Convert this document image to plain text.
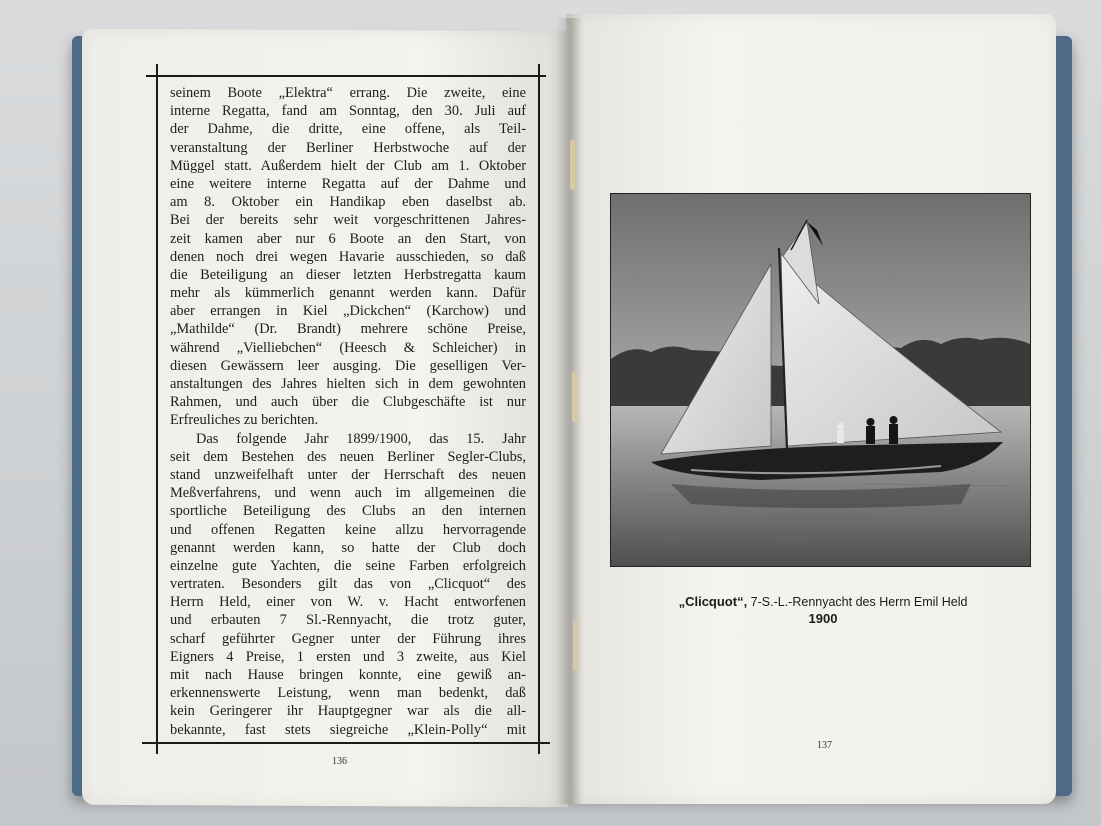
seinem Boote „Elektra“ errang. Die zweite, eine
interne Regatta, fand am Sonntag, den 30. Juli auf
der Dahme, die dritte, eine offene, als Teil-
veranstaltung der Berliner Herbstwoche auf der
Müggel statt. Außerdem hielt der Club am 1. Oktober
eine weitere interne Regatta auf der Dahme und
am 8. Oktober ein Handikap eben daselbst ab.
Bei der bereits sehr weit vorgeschrittenen Jahres-
zeit kamen aber nur 6 Boote an den Start, von
denen noch drei wegen Havarie ausschieden, so daß
die Beteiligung an dieser letzten Herbstregatta kaum
mehr als kümmerlich genannt werden kann. Dafür
aber errangen in Kiel „Dickchen“ (Karchow) und
„Mathilde“ (Dr. Brandt) mehrere schöne Preise,
während „Vielliebchen“ (Heesch & Schleicher) in
diesen Gewässern leer ausging. Die geselligen Ver-
anstaltungen des Jahres hielten sich in dem gewohnten
Rahmen, und auch über die Clubgeschäfte ist nur
Erfreuliches zu berichten.
Das folgende Jahr 1899/1900, das 15. Jahr
seit dem Bestehen des neuen Berliner Segler-Clubs,
stand unzweifelhaft unter der Herrschaft des neuen
Meßverfahrens, und wenn auch im allgemeinen die
sportliche Beteiligung des Clubs an den internen
und offenen Regatten keine allzu hervorragende
genannt werden kann, so hatte der Club doch
einzelne gute Yachten, die seine Farben erfolgreich
vertraten. Besonders gilt das von „Clicquot“ des
Herrn Held, einer von W. v. Hacht entworfenen
und erbauten 7 Sl.-Rennyacht, die trotz guter,
scharf geführter Gegner unter der Führung ihres
Eigners 4 Preise, 1 ersten und 3 zweite, aus Kiel
mit nach Hause bringen konnte, eine gewiß an-
erkennenswerte Leistung, wenn man bedenkt, daß
kein Geringerer ihr Hauptgegner war als die all-
bekannte, fast stets siegreiche „Klein-Polly“ mit
136
„Clicquot“, 7-S.-L.-Rennyacht des Herrn Emil Held
1900
137
